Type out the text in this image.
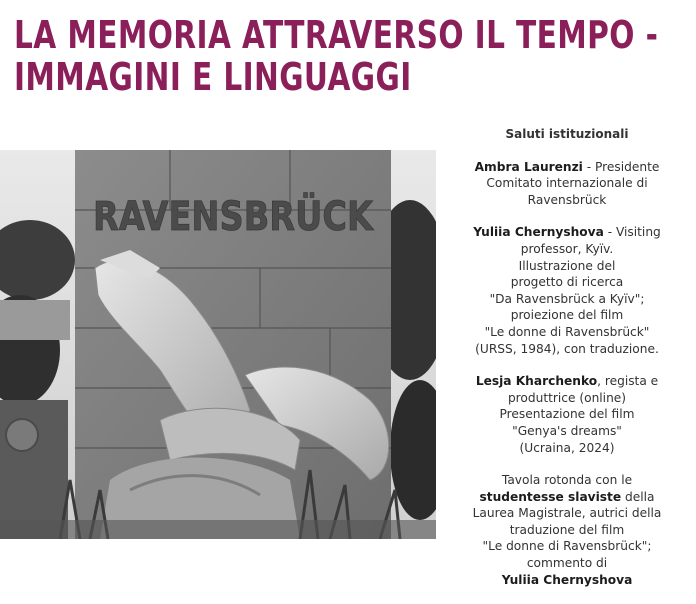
LA MEMORIA ATTRAVERSO IL TEMPO -
IMMAGINI E LINGUAGGI
RAVENSBRÜCK
Saluti istituzionali
Ambra Laurenzi - Presidente
Comitato internazionale di
Ravensbrück
Yuliia Chernyshova - Visiting
professor, Kyïv.
Illustrazione del
progetto di ricerca
"Da Ravensbrück a Kyïv";
proiezione del film
"Le donne di Ravensbrück"
(URSS, 1984), con traduzione.
Lesja Kharchenko, regista e
produttrice (online)
Presentazione del film
"Genya's dreams"
(Ucraina, 2024)
Tavola rotonda con le
studentesse slaviste della
Laurea Magistrale, autrici della
traduzione del film
"Le donne di Ravensbrück";
commento di
Yuliia Chernyshova
